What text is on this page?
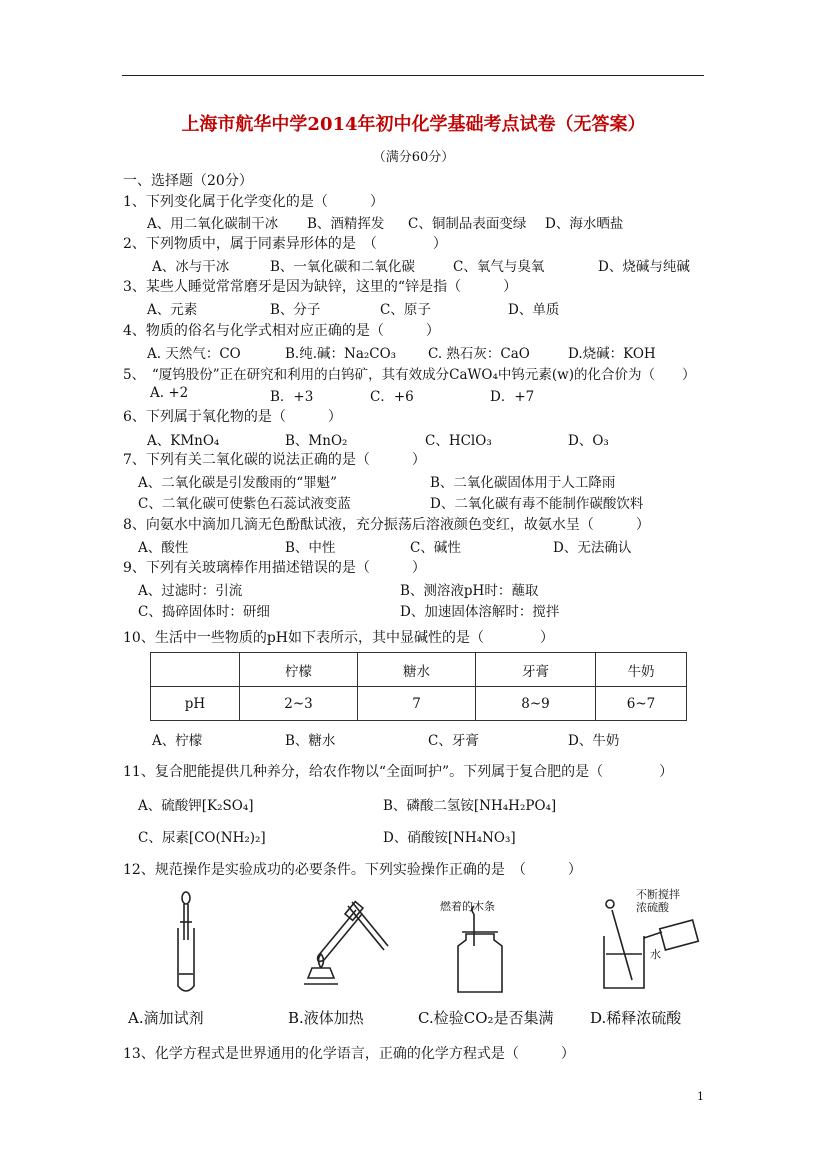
上海市航华中学2014年初中化学基础考点试卷（无答案）
（满分60分）
一、选择题（20分）
1、下列变化属于化学变化的是（　　　）
A、用二氧化碳制干冰 B、酒精挥发 C、铜制品表面变绿 D、海水晒盐
2、下列物质中，属于同素异形体的是　（　　　　）
A、冰与干冰	B、一氧化碳和二氧化碳	C、氧气与臭氧	D、烧碱与纯碱
3、某些人睡觉常常磨牙是因为缺锌，这里的“锌是指（　　　）
A、元素	B、分子	C、原子	D、单质
4、物质的俗名与化学式相对应正确的是（　　　）
A. 天然气：CO	B.纯.碱：Na₂CO₃ C. 熟石灰：CaO	D.烧碱：KOH
5、　“厦钨股份”正在研究和利用的白钨矿，其有效成分CaWO₄中钨元素(w)的化合价为（　　）
A. +2	B．+3	C．+6	D．+7
6、下列属于氧化物的是（　　　）
A、KMnO₄	B、MnO₂	C、HClO₃	D、O₃
7、下列有关二氧化碳的说法正确的是（　　　）
A、二氧化碳是引发酸雨的“罪魁”	B、二氧化碳固体用于人工降雨
C、二氧化碳可使紫色石蕊试液变蓝	D、二氧化碳有毒不能制作碳酸饮料
8、向氨水中滴加几滴无色酚酞试液，充分振荡后溶液颜色变红，故氨水呈（　　　）
A、酸性	B、中性	C、碱性	D、无法确认
9、下列有关玻璃棒作用描述错误的是（　　　）
A、过滤时：引流	B、测溶液pH时：蘸取
C、捣碎固体时：研细	D、加速固体溶解时：搅拌
10、生活中一些物质的pH如下表所示，其中显碱性的是（　　　　）
	柠檬	糖水	牙膏	牛奶
pH	2~3	7	8~9	6~7
A、柠檬	B、糖水	C、牙膏	D、牛奶
11、复合肥能提供几种养分，给农作物以“全面呵护”。下列属于复合肥的是（　　　　）
A、硫酸钾[K₂SO₄]	B、磷酸二氢铵[NH₄H₂PO₄]
C、尿素[CO(NH₂)₂]	D、硝酸铵[NH₄NO₃]
12、规范操作是实验成功的必要条件。下列实验操作正确的是　（　　　）
A.滴加试剂	B.液体加热
燃着的木条
C.检验CO₂是否集满
不断搅拌浓硫酸
水
D.稀释浓硫酸
13、化学方程式是世界通用的化学语言，正确的化学方程式是（　　　）
1
